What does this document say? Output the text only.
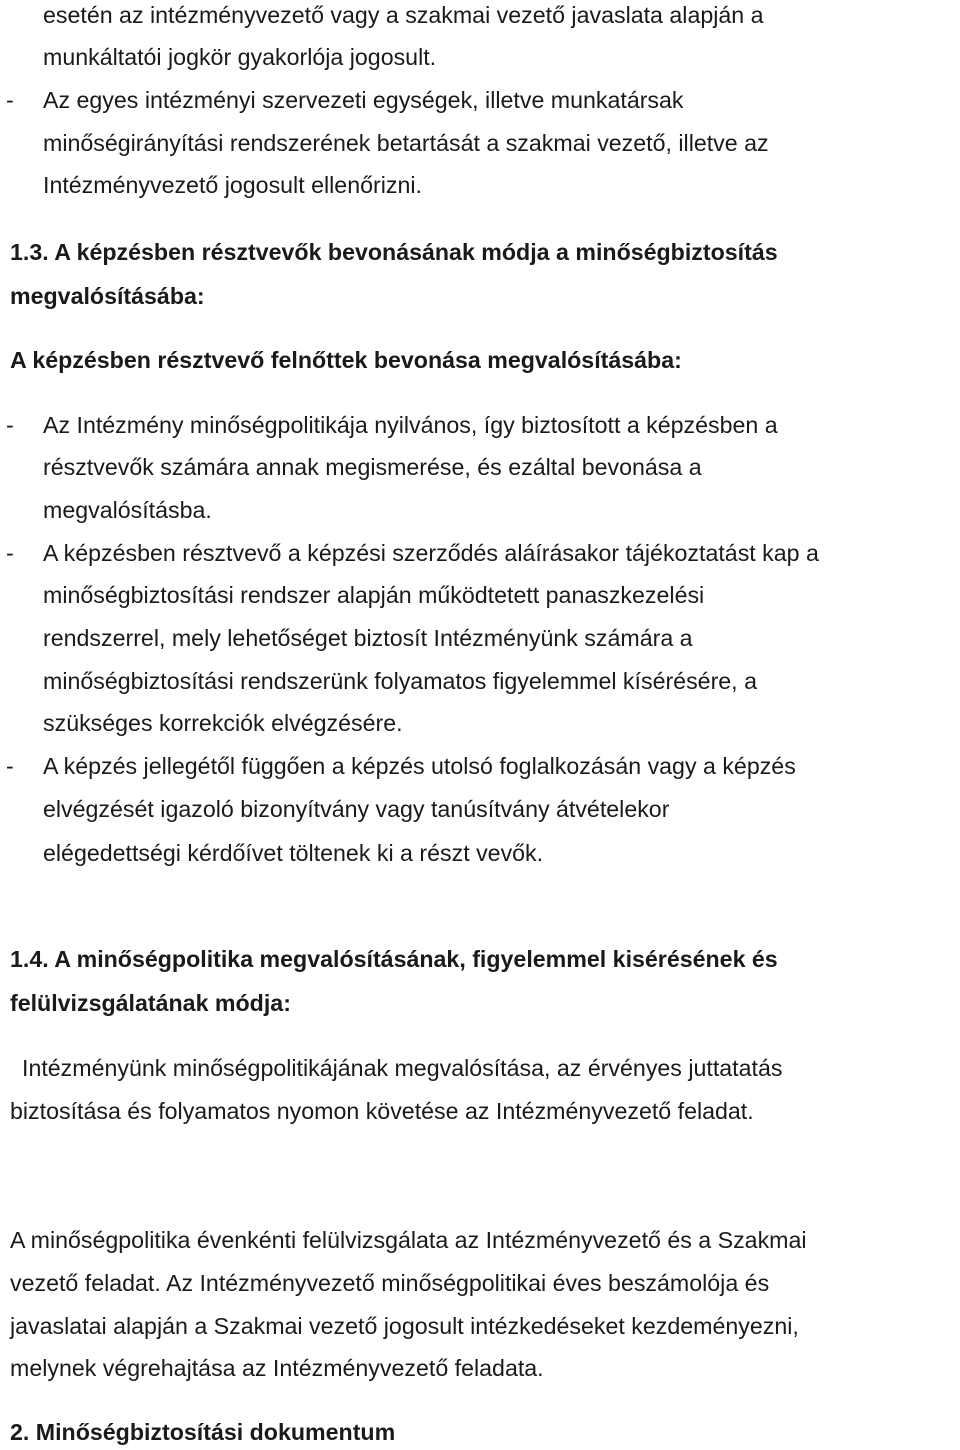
esetén az intézményvezető vagy a szakmai vezető javaslata alapján a
munkáltatói jogkör gyakorlója jogosult.
- Az egyes intézményi szervezeti egységek, illetve munkatársak
minőségirányítási rendszerének betartását a szakmai vezető, illetve az
Intézményvezető jogosult ellenőrizni.
1.3. A képzésben résztvevők bevonásának módja a minőségbiztosítás
megvalósításába:
A képzésben résztvevő felnőttek bevonása megvalósításába:
- Az Intézmény minőségpolitikája nyilvános, így biztosított a képzésben a
résztvevők számára annak megismerése, és ezáltal bevonása a
megvalósításba.
- A képzésben résztvevő a képzési szerződés aláírásakor tájékoztatást kap a
minőségbiztosítási rendszer alapján működtetett panaszkezelési
rendszerrel, mely lehetőséget biztosít Intézményünk számára a
minőségbiztosítási rendszerünk folyamatos figyelemmel kísérésére, a
szükséges korrekciók elvégzésére.
- A képzés jellegétől függően a képzés utolsó foglalkozásán vagy a képzés
elvégzését igazoló bizonyítvány vagy tanúsítvány átvételekor
elégedettségi kérdőívet töltenek ki a részt vevők.
1.4. A minőségpolitika megvalósításának, figyelemmel kisérésének és
felülvizsgálatának módja:
Intézményünk minőségpolitikájának megvalósítása, az érvényes juttatatás
biztosítása és folyamatos nyomon követése az Intézményvezető feladat.
A minőségpolitika évenkénti felülvizsgálata az Intézményvezető és a Szakmai
vezető feladat. Az Intézményvezető minőségpolitikai éves beszámolója és
javaslatai alapján a Szakmai vezető jogosult intézkedéseket kezdeményezni,
melynek végrehajtása az Intézményvezető feladata.
2. Minőségbiztosítási dokumentum
